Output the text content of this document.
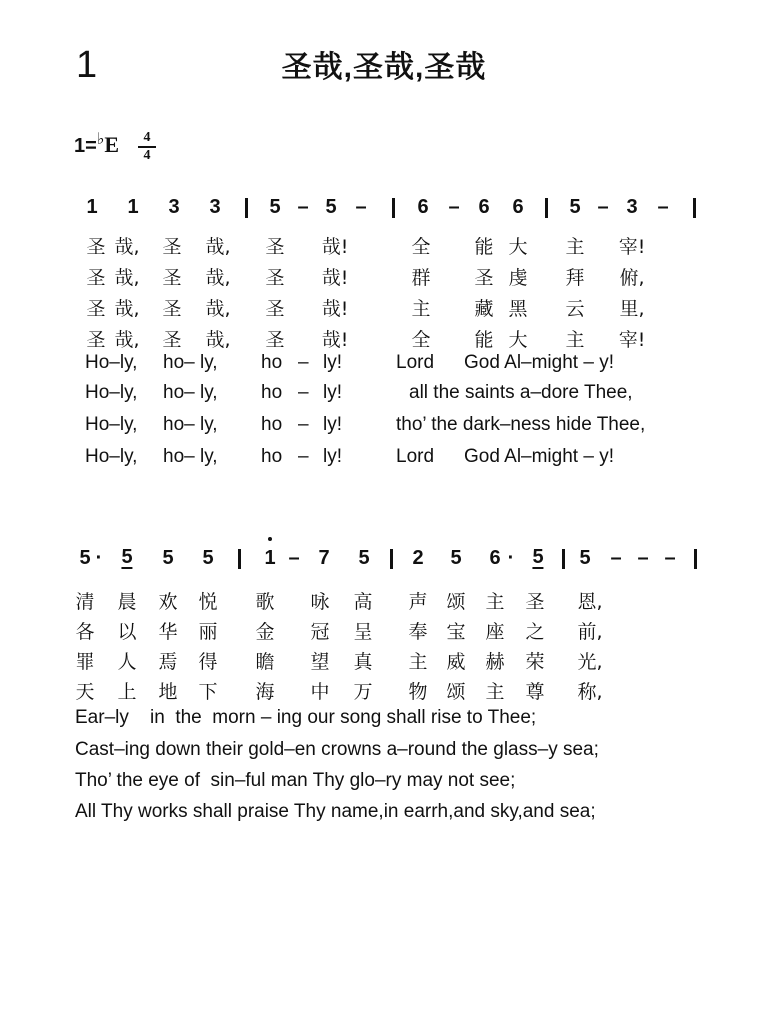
1	圣哉,圣哉,圣哉
1=♭E	4
4
1 1 3 3 5 – 5 –	6 – 6 6 5 – 3 –
圣 哉, 圣 哉, 圣 哉!	全 能 大 主 宰!
圣 哉, 圣 哉, 圣 哉!	群 圣 虔 拜 俯,
圣 哉, 圣 哉, 圣 哉!	主 藏 黑 云 里,
圣 哉, 圣 哉, 圣 哉!	全 能 大 主 宰!
Ho–ly, ho– ly, ho – ly!	Lord God Al–might – y!
Ho–ly, ho– ly, ho – ly!	all the saints a–dore Thee,
Ho–ly, ho– ly, ho – ly!	tho’ the dark–ness hide Thee,
Ho–ly, ho– ly, ho – ly!	Lord God Al–might – y!
5 · 5 5 5	1 – 7 5 2 5 6 · 5 5 – – –
清 晨 欢 悦 歌 咏 高 声 颂 主 圣 恩,
各 以 华 丽 金 冠 呈 奉 宝 座 之 前,
罪 人 焉 得 瞻 望 真 主 威 赫 荣 光,
天 上 地 下 海 中 万 物 颂 主 尊 称,
Ear–ly    in  the  morn – ing our song shall rise to Thee;
Cast–ing down their gold–en crowns a–round the glass–y sea;
Tho’ the eye of  sin–ful man Thy glo–ry may not see;
All Thy works shall praise Thy name,in earrh,and sky,and sea;
